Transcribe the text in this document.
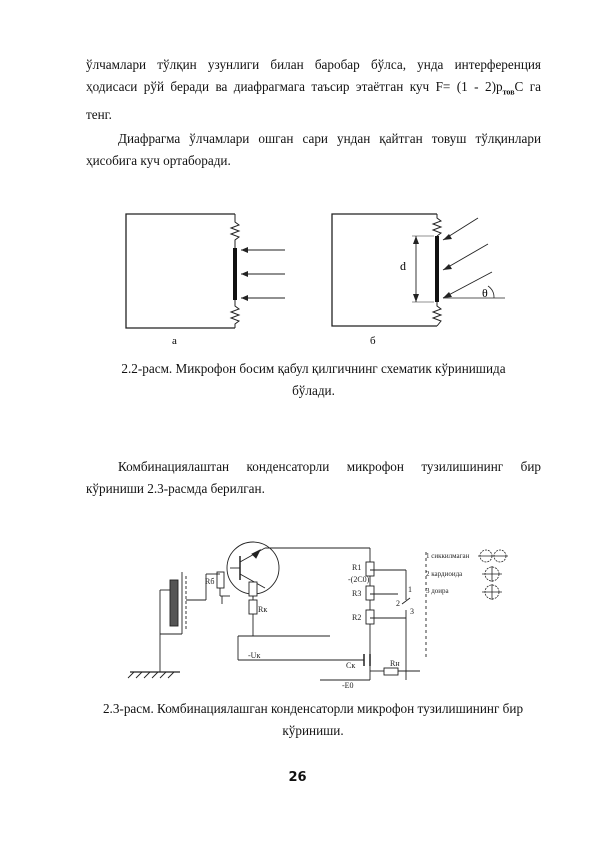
ўлчамлари тўлқин узунлиги билан баробар бўлса, унда интерференция
ҳодисаси рўй беради ва диафрагмага таъсир этаётган куч $F= (1 - 2)p_{тов}С$ га
тенг.
Диафрагма ўлчамлари ошган сари ундан қайтган товуш тўлқинлари
ҳисобига куч ортаборади.
а
d
θ
б
2.2-расм. Микрофон босим қабул қилгичнинг схематик кўринишида
бўлади.
Комбинациялаштан конденсаторли микрофон тузилишининг бир
кўриниши 2.3-расмда берилган.
Rб
Rк
R1
-(2C0)
R3
R2
Cк
-Uк
-E0
Rн
1
2
3
1 сиккилмаган
2 кардиоида
3 доира
2.3-расм. Комбинациялашган конденсаторли микрофон тузилишининг бир
кўриниши.
26
